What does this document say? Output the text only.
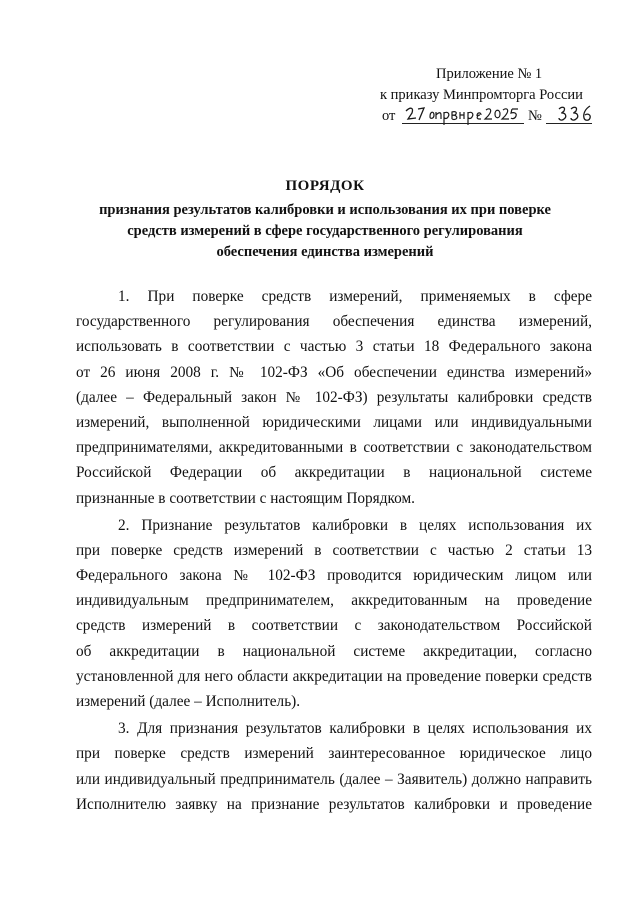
Приложение № 1
к приказу Минпромторга России
от	№
ПОРЯДОК
признания результатов калибровки и использования их при поверке
средств измерений в сфере государственного регулирования
обеспечения единства измерений
1. При поверке средств измерений, применяемых в сфере
государственного регулирования обеспечения единства измерений,
использовать в соответствии с частью 3 статьи 18 Федерального закона
от 26 июня 2008 г. № 102-ФЗ «Об обеспечении единства измерений»
(далее – Федеральный закон № 102-ФЗ) результаты калибровки средств
измерений, выполненной юридическими лицами или индивидуальными
предпринимателями, аккредитованными в соответствии с законодательством
Российской Федерации об аккредитации в национальной системе
признанные в соответствии с настоящим Порядком.
2. Признание результатов калибровки в целях использования их
при поверке средств измерений в соответствии с частью 2 статьи 13
Федерального закона № 102-ФЗ проводится юридическим лицом или
индивидуальным предпринимателем, аккредитованным на проведение
средств измерений в соответствии с законодательством Российской
об аккредитации в национальной системе аккредитации, согласно
установленной для него области аккредитации на проведение поверки средств
измерений (далее – Исполнитель).
3. Для признания результатов калибровки в целях использования их
при поверке средств измерений заинтересованное юридическое лицо
или индивидуальный предприниматель (далее – Заявитель) должно направить
Исполнителю заявку на признание результатов калибровки и проведение
